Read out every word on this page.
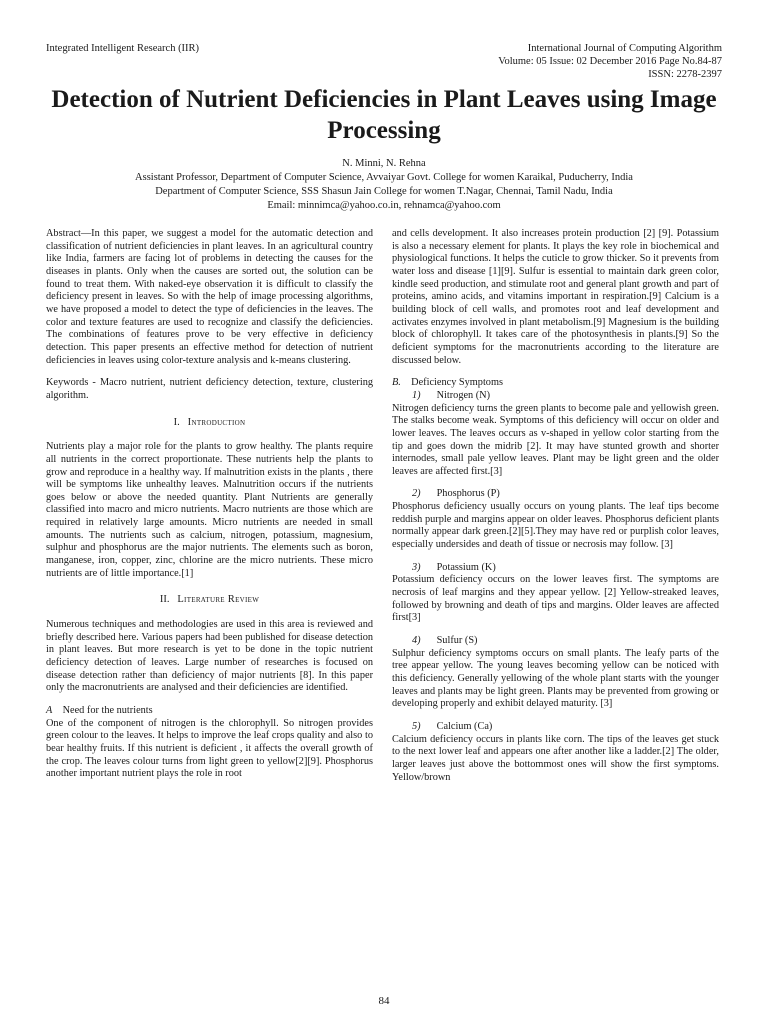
Integrated Intelligent Research (IIR)	International Journal of Computing Algorithm
Volume: 05 Issue: 02 December 2016 Page No.84-87
ISSN: 2278-2397
Detection of Nutrient Deficiencies in Plant Leaves using Image Processing
N. Minni, N. Rehna
Assistant Professor, Department of Computer Science, Avvaiyar Govt. College for women Karaikal, Puducherry, India
Department of Computer Science, SSS Shasun Jain College for women T.Nagar, Chennai, Tamil Nadu, India
Email: minnimca@yahoo.co.in, rehnamca@yahoo.com

Abstract—In this paper, we suggest a model for the automatic detection and classification of nutrient deficiencies in plant leaves. In an agricultural country like India, farmers are facing lot of problems in detecting the causes for the diseases in plants. Only when the causes are sorted out, the solution can be found to treat them. With naked-eye observation it is difficult to classify the deficiency present in leaves. So with the help of image processing algorithms, we have proposed a model to detect the type of deficiencies in the leaves. The color and texture features are used to recognize and classify the deficiencies. The combinations of features prove to be very effective in deficiency detection. This paper presents an effective method for detection of nutrient deficiencies in leaves using color-texture analysis and k-means clustering.

Keywords - Macro nutrient, nutrient deficiency detection, texture, clustering algorithm.

I. Introduction

Nutrients play a major role for the plants to grow healthy. The plants require all nutrients in the correct proportionate. These nutrients help the plants to grow and reproduce in a healthy way. If malnutrition exists in the plants , there will be symptoms like unhealthy leaves. Malnutrition occurs if the nutrients goes below or above the needed quantity. Plant Nutrients are generally classified into macro and micro nutrients. Macro nutrients are those which are required in relatively large amounts. Micro nutrients are needed in small amounts. The nutrients such as calcium, nitrogen, potassium, magnesium, sulphur and phosphorus are the major nutrients. The elements such as boron, manganese, iron, copper, zinc, chlorine are the micro nutrients. These micro nutrients are of little importance.[1]

II. Literature Review

Numerous techniques and methodologies are used in this area is reviewed and briefly described here. Various papers had been published for disease detection in plant leaves. But more research is yet to be done in the topic nutrient deficiency detection of leaves. Large number of researches is focused on disease detection rather than deficiency of major nutrients [8]. In this paper only the macronutrients are analysed and their deficiencies are identified.

A Need for the nutrients

One of the component of nitrogen is the chlorophyll. So nitrogen provides green colour to the leaves. It helps to improve the leaf crops quality and also to bear healthy fruits. If this nutrient is deficient , it affects the overall growth of the crop. The leaves colour turns from light green to yellow[2][9]. Phosphorus another important nutrient plays the role in root

and cells development. It also increases protein production [2] [9]. Potassium is also a necessary element for plants. It plays the key role in biochemical and physiological functions. It helps the cuticle to grow thicker. So it prevents from water loss and disease [1][9]. Sulfur is essential to maintain dark green color, kindle seed production, and stimulate root and general plant growth and part of proteins, amino acids, and vitamins important in respiration.[9] Calcium is a building block of cell walls, and promotes root and leaf development and activates enzymes involved in plant metabolism.[9] Magnesium is the building block of chlorophyll. It takes care of the photosynthesis in plants.[9] So the deficient symptoms for the macronutrients according to the literature are discussed below.

B. Deficiency Symptoms
1) Nitrogen (N)

Nitrogen deficiency turns the green plants to become pale and yellowish green. The stalks become weak. Symptoms of this deficiency will occur on older and lower leaves. The leaves occurs as v-shaped in yellow color starting from the tip and goes down the midrib [2]. It may have stunted growth and shorter internodes, small pale yellow leaves. Plant may be light green and the older leaves are affected first.[3]

2) Phosphorus (P)

Phosphorus deficiency usually occurs on young plants. The leaf tips become reddish purple and margins appear on older leaves. Phosphorus deficient plants normally appear dark green.[2][5].They may have red or purplish color leaves, especially undersides and death of tissue or necrosis may follow. [3]

3) Potassium (K)

Potassium deficiency occurs on the lower leaves first. The symptoms are necrosis of leaf margins and they appear yellow. [2] Yellow-streaked leaves, followed by browning and death of tips and margins. Older leaves are affected first[3]

4) Sulfur (S)

Sulphur deficiency symptoms occurs on small plants. The leafy parts of the tree appear yellow. The young leaves becoming yellow can be noticed with this deficiency. Generally yellowing of the whole plant starts with the younger leaves and plants may be light green. Plants may be prevented from growing or developing properly and exhibit delayed maturity. [3]

5) Calcium (Ca)

Calcium deficiency occurs in plants like corn. The tips of the leaves get stuck to the next lower leaf and appears one after another like a ladder.[2] The older, larger leaves just above the bottommost ones will show the first symptoms. Yellow/brown

84
